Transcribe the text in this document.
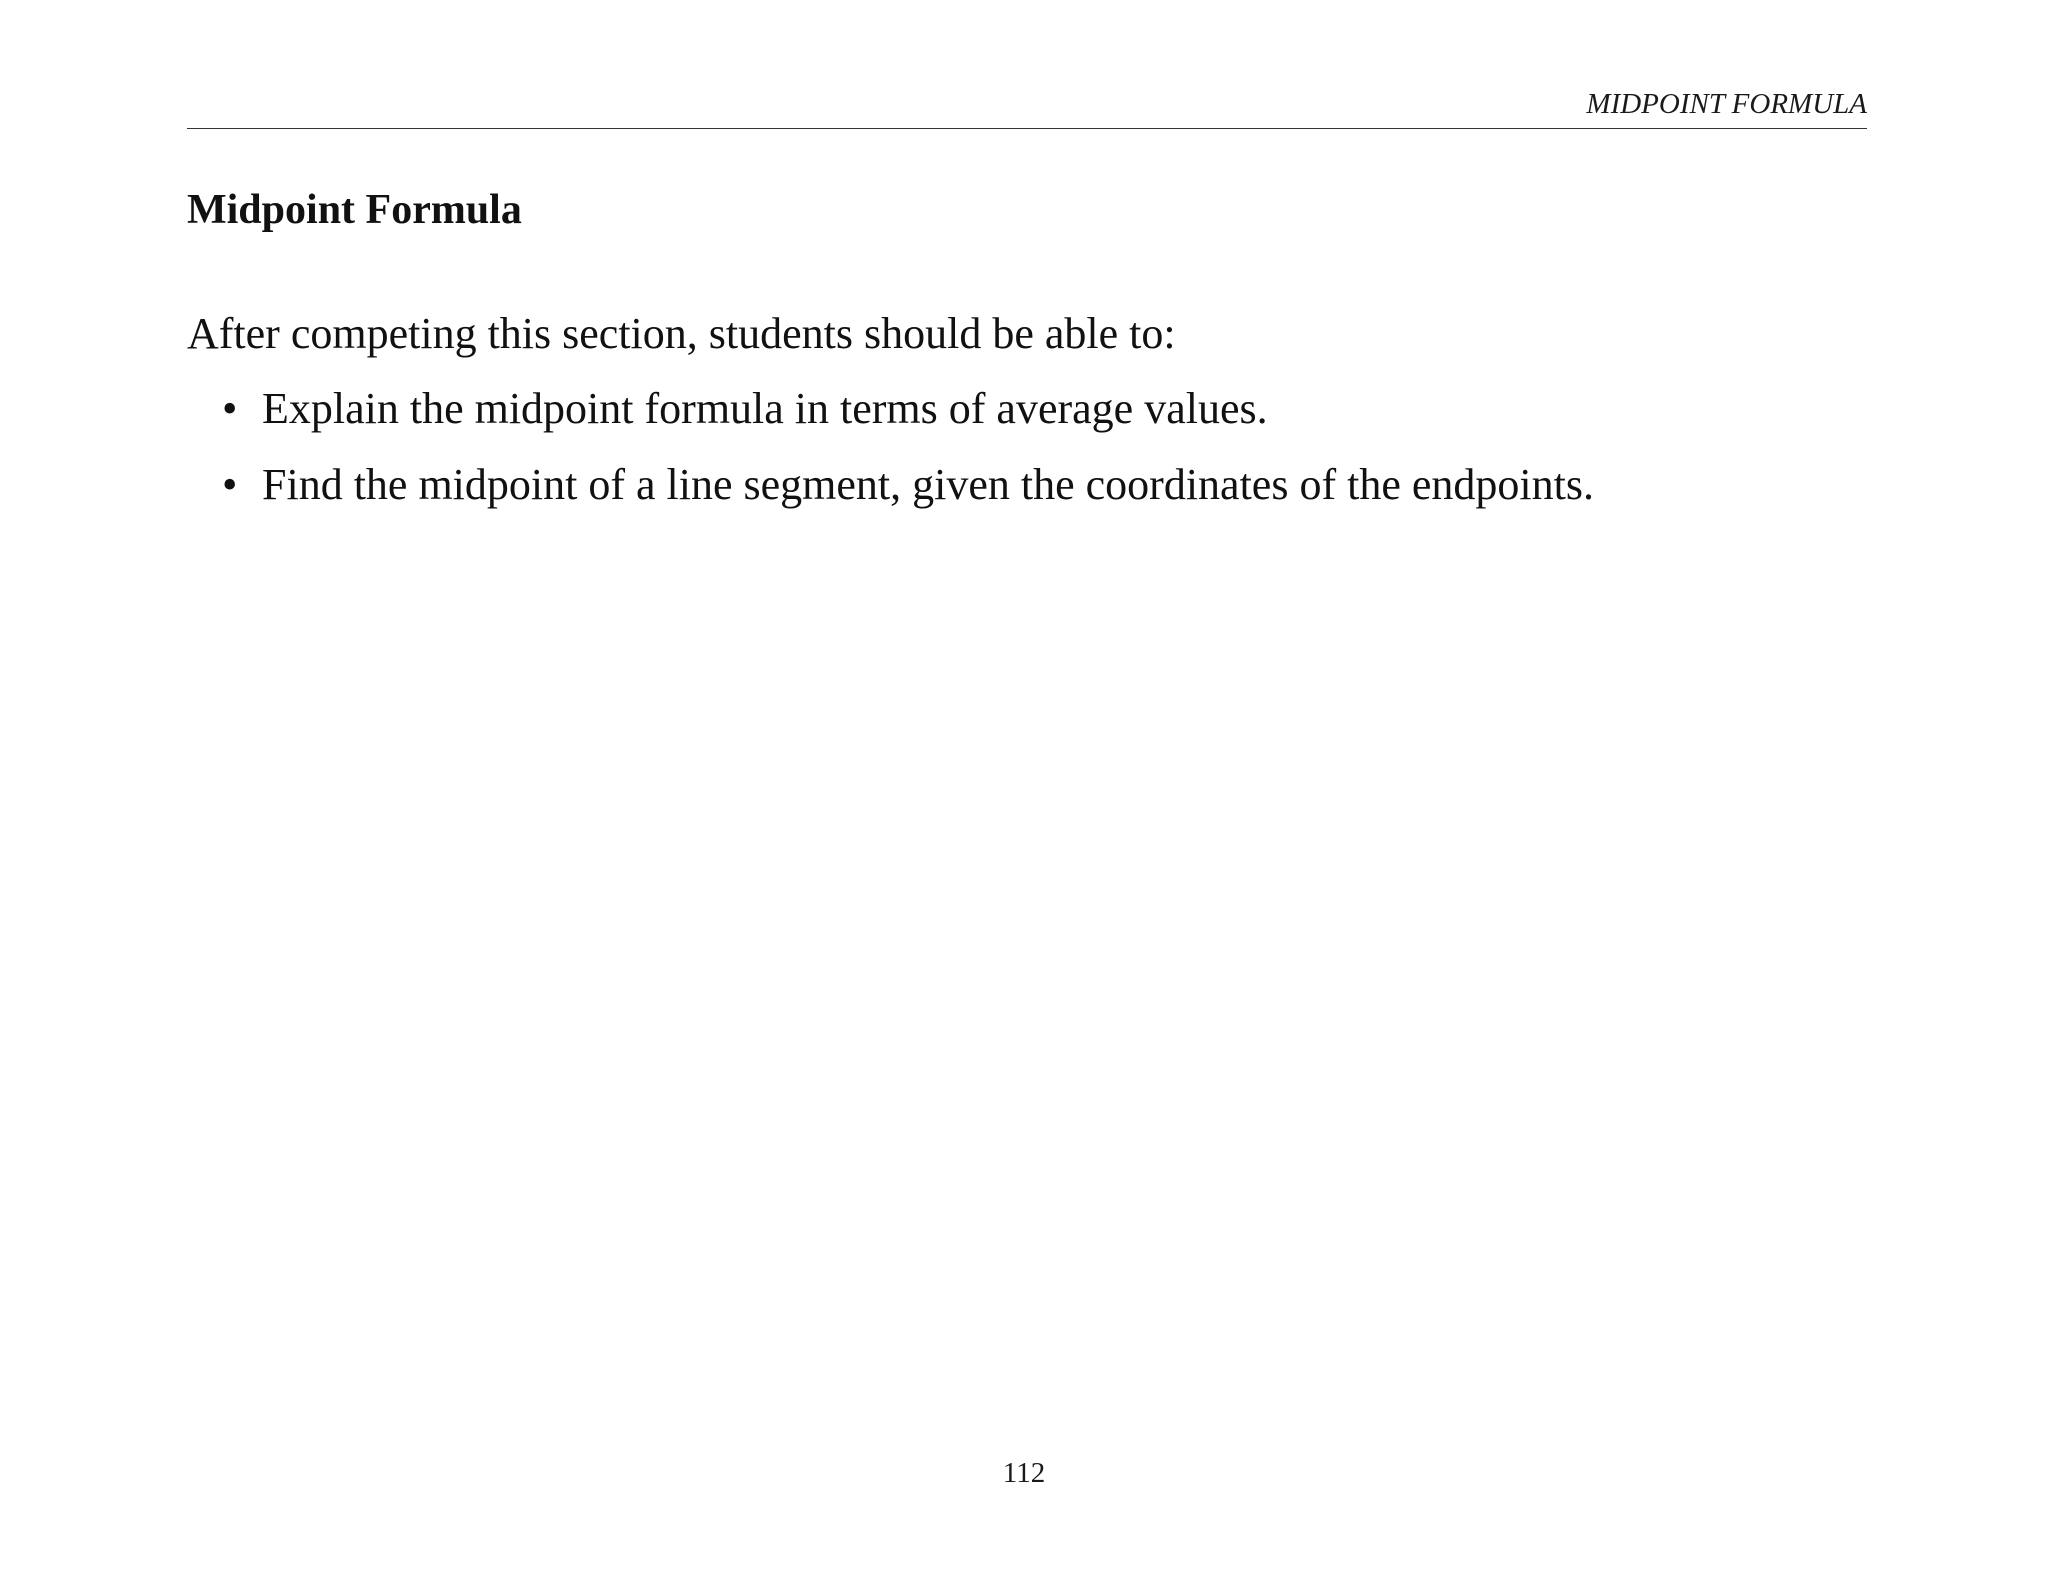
MIDPOINT FORMULA
Midpoint Formula

After competing this section, students should be able to:

• Explain the midpoint formula in terms of average values.
• Find the midpoint of a line segment, given the coordinates of the endpoints.
112
